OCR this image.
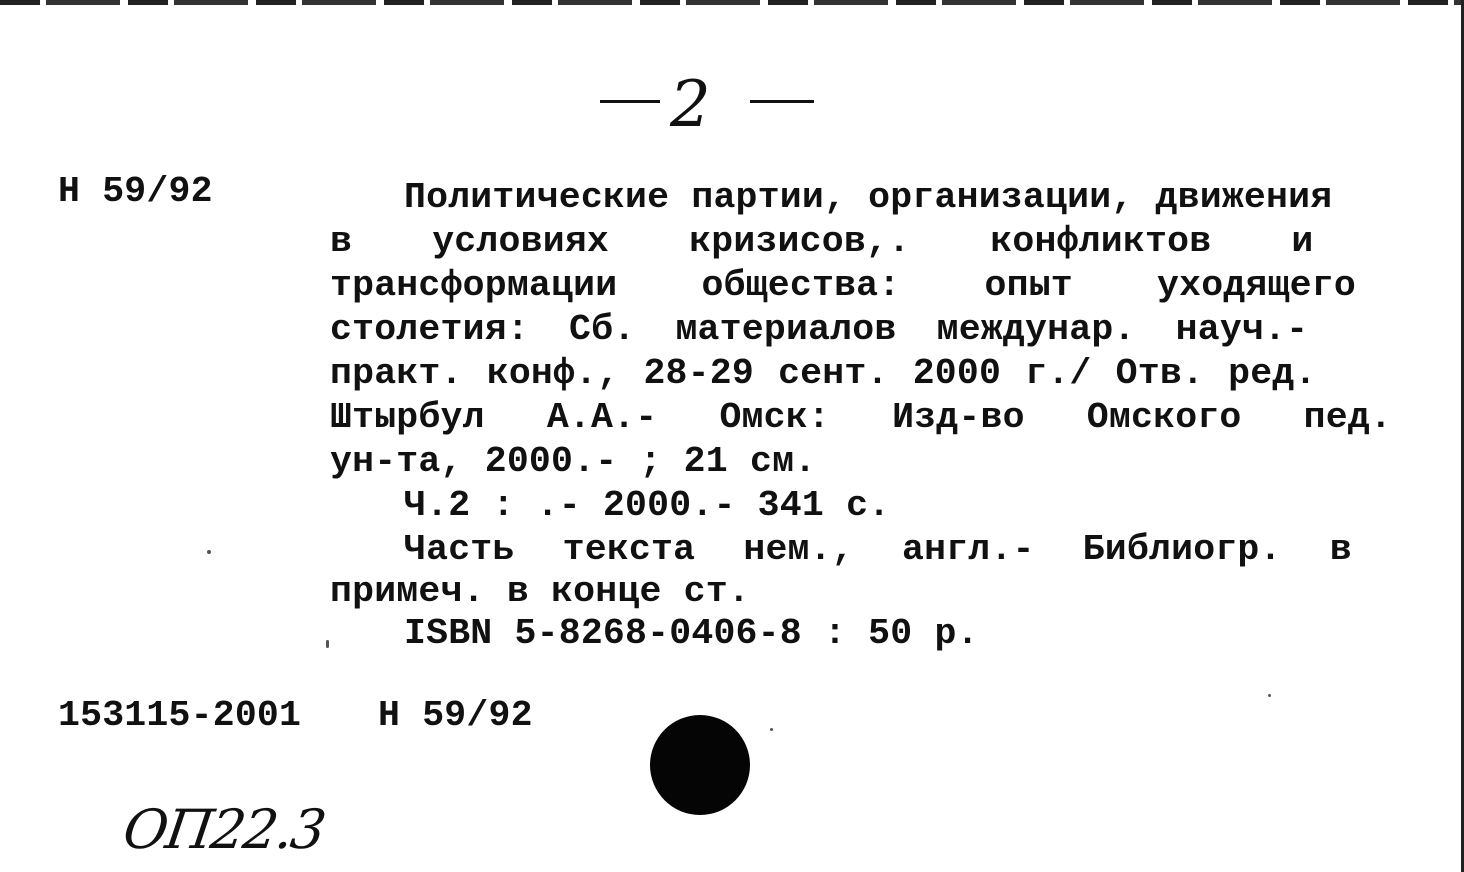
2
Н 59/92	Политические партии, организации, движения
в условиях кризисов,. конфликтов и
трансформации общества: опыт уходящего
столетия: Сб. материалов междунар. науч.-
практ. конф., 28-29 сент. 2000 г./ Отв. ред.
Штырбул А.А.- Омск: Изд-во Омского пед.
ун-та, 2000.- ; 21 см.
Ч.2 : .- 2000.- 341 с.
Часть текста нем., англ.- Библиогр. в
примеч. в конце ст.
ISBN 5-8268-0406-8 : 50 р.
153115-2001 Н 59/92
ОП22.3
